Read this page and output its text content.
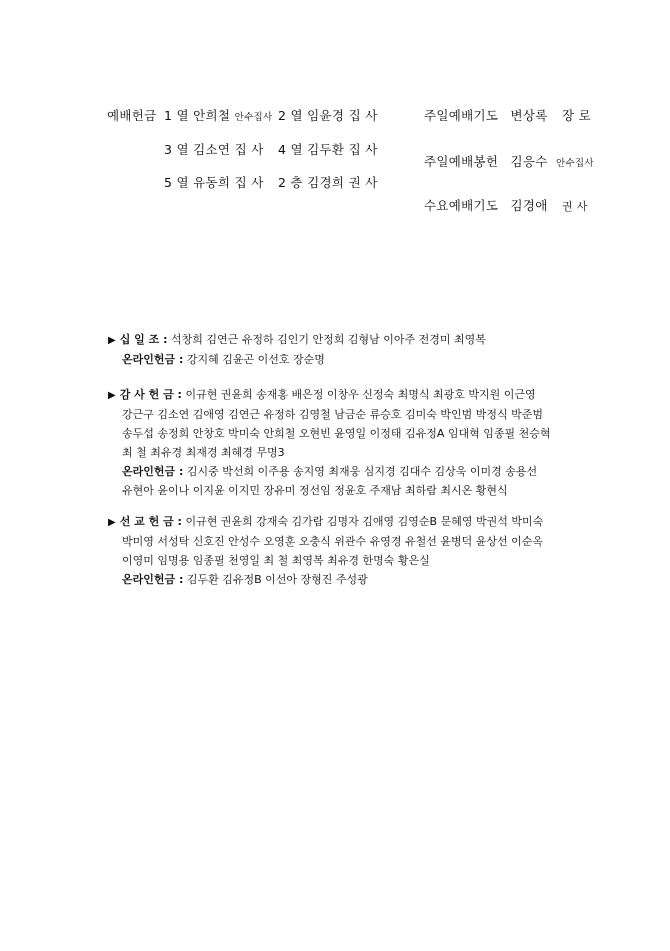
예배헌금 1 열 안희철 안수집사 2 열 임윤경 집 사
3 열 김소연 집 사 4 열 김두환 집 사
5 열 유동희 집 사 2 층 김경희 권 사
주일예배기도 변상록 장 로
주일예배봉헌 김응수 안수집사
수요예배기도 김경애 권 사
▶ 십 일 조 : 석창희 김연근 유정하 김인기 안정희 김형남 이아주 전경미 최영복
온라인헌금 : 강지혜 김윤곤 이선호 장순명
▶ 감 사 헌 금 : 이규현 권윤희 송재홍 배은정 이창우 신정숙 최명식 최광호 박지원 이근영
강근구 김소연 김애영 김연근 유정하 김영철 남금순 류승호 김미숙 박인범 박정식 박준범
송두섭 송정희 안창호 박미숙 안희철 오현빈 윤영일 이정태 김유정A 임대혁 임종필 천승혁
최 철 최유경 최재경 최혜경 무명3
온라인헌금 : 김시중 박선희 이주용 송지영 최재웅 심지경 김대수 김상욱 이미경 송용선
유현아 윤이나 이지윤 이지민 장유미 정선임 정윤호 주재남 최하람 최시온 황현식
▶ 선 교 헌 금 : 이규현 권윤희 강재숙 김가람 김명자 김애영 김영순B 문혜영 박권석 박미숙
박미영 서성탁 신호진 안성수 오영훈 오충식 위관수 유영경 유철선 윤병덕 윤상선 이순옥
이영미 임명용 임종필 천영일 최 철 최영복 최유경 한명숙 황은실
온라인헌금 : 김두환 김유정B 이선아 장형진 주성광
